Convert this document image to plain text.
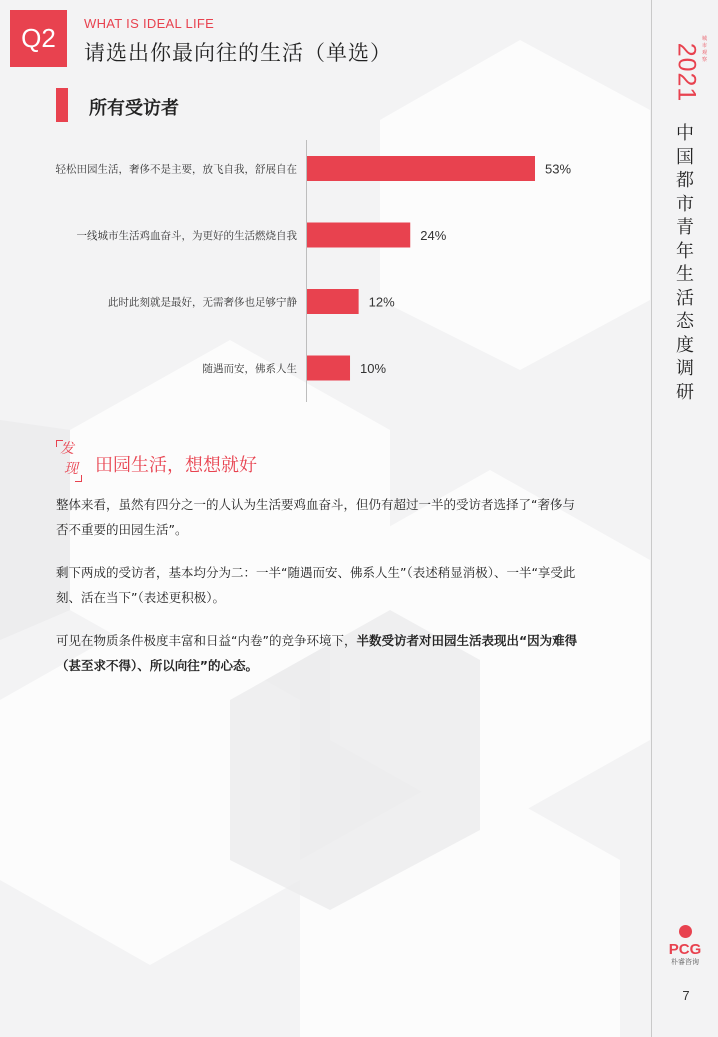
Q2	WHAT IS IDEAL LIFE
请选出你最向往的生活（单选）
所有受访者
轻松田园生活，奢侈不是主要，放飞自我，舒展自在	53%
一线城市生活鸡血奋斗，为更好的生活燃烧自我	24%
此时此刻就是最好，无需奢侈也足够宁静	12%
随遇而安，佛系人生	10%
发
现 田园生活，想想就好

整体来看，虽然有四分之一的人认为生活要鸡血奋斗，但仍有超过一半的受访者选择了“奢侈与否不重要的田园生活”。

剩下两成的受访者，基本均分为二：一半“随遇而安、佛系人生”（表述稍显消极）、一半“享受此刻、活在当下”（表述更积极）。

可见在物质条件极度丰富和日益“内卷”的竞争环境下，半数受访者对田园生活表现出“因为难得（甚至求不得）、所以向往”的心态。

2021
城市观察
中国都市青年生活态度调研
PCG
朴睿咨询
7
